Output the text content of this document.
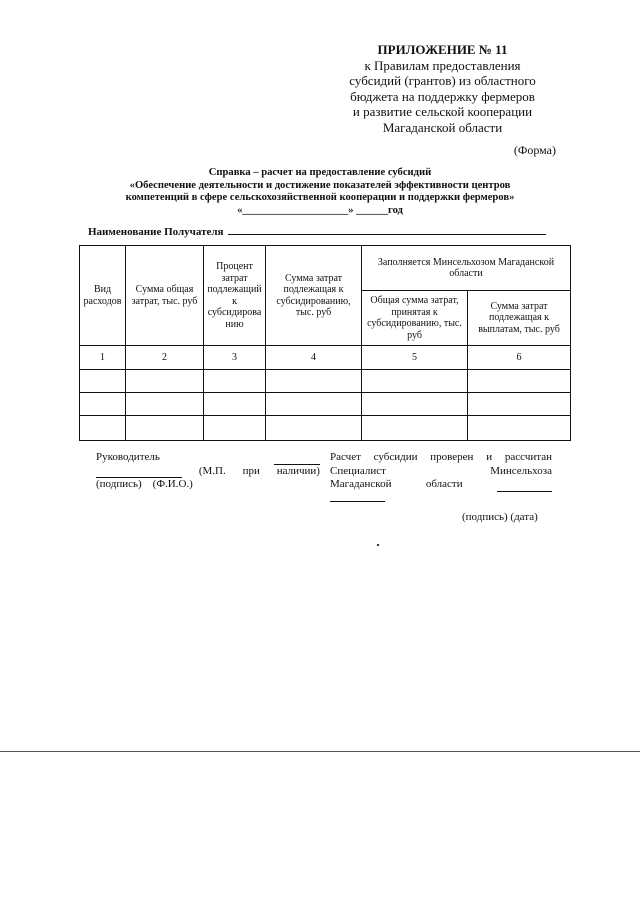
ПРИЛОЖЕНИЕ № 11
к Правилам предоставления
субсидий (грантов) из областного
бюджета на поддержку фермеров
и развитие сельской кооперации
Магаданской области
(Форма)
Справка – расчет на предоставление субсидий
«Обеспечение деятельности и достижение показателей эффективности центров
компетенций в сфере сельскохозяйственной кооперации и поддержки фермеров»
«____________________» ______год
Наименование Получателя
Вид расходов	Сумма общая затрат, тыс. руб	Процент затрат подлежащий к субсидирова нию	Сумма затрат подлежащая к субсидированию, тыс. руб	Заполняется Минсельхозом Магаданской области	
				Общая сумма затрат, принятая к субсидированию, тыс. руб	Сумма затрат подлежащая к выплатам, тыс. руб
1	2	3	4	5	6

Руководитель
(М.П. при наличии)
(подпись) (Ф.И.О.)
Расчет субсидии проверен и рассчитан
Специалист	Минсельхоза
Магаданской	области
(подпись) (дата)
